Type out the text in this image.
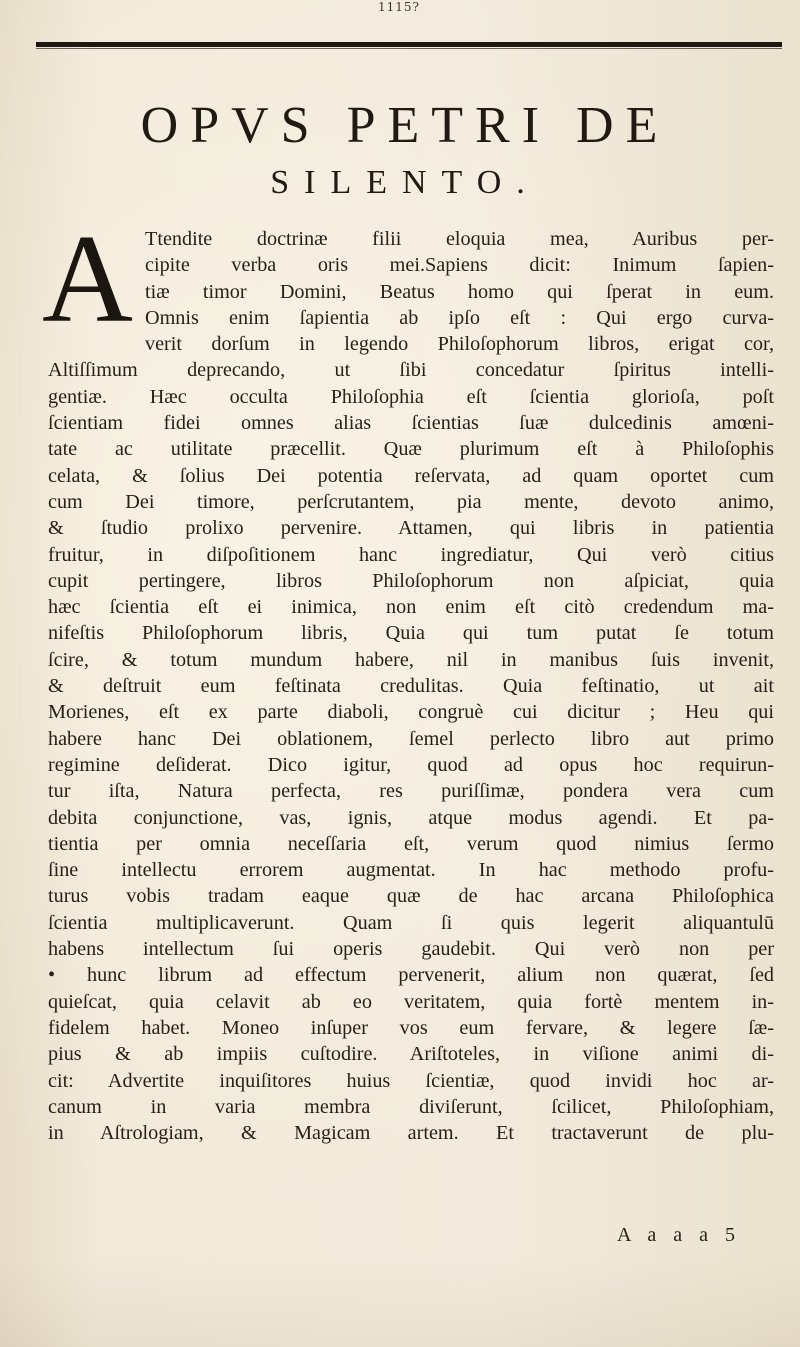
1115?
OPVS PETRI DE
SILENTO.
A Ttendite doctrinæ filii eloquia mea, Auribus per-
cipite verba oris mei.Sapiens dicit: Inimum ſapien-
tiæ timor Domini, Beatus homo qui ſperat in eum.
Omnis enim ſapientia ab ipſo eſt : Qui ergo curva-
verit dorſum in legendo Philoſophorum libros, erigat cor,
Altiſſimum deprecando, ut ſibi concedatur ſpiritus intelli-
gentiæ. Hæc occulta Philoſophia eſt ſcientia glorioſa, poſt
ſcientiam fidei omnes alias ſcientias ſuæ dulcedinis amœni-
tate ac utilitate præcellit. Quæ plurimum eſt à Philoſophis
celata, & ſolius Dei potentia reſervata, ad quam oportet cum
cum Dei timore, perſcrutantem, pia mente, devoto animo,
& ſtudio prolixo pervenire. Attamen, qui libris in patientia
fruitur, in diſpoſitionem hanc ingrediatur, Qui verò citius
cupit pertingere, libros Philoſophorum non aſpiciat, quia
hæc ſcientia eſt ei inimica, non enim eſt citò credendum ma-
nifeſtis Philoſophorum libris, Quia qui tum putat ſe totum
ſcire, & totum mundum habere, nil in manibus ſuis invenit,
& deſtruit eum feſtinata credulitas. Quia feſtinatio, ut ait
Morienes, eſt ex parte diaboli, congruè cui dicitur ; Heu qui
habere hanc Dei oblationem, ſemel perlecto libro aut primo
regimine deſiderat. Dico igitur, quod ad opus hoc requirun-
tur iſta, Natura perfecta, res puriſſimæ, pondera vera cum
debita conjunctione, vas, ignis, atque modus agendi. Et pa-
tientia per omnia neceſſaria eſt, verum quod nimius ſermo
ſine intellectu errorem augmentat. In hac methodo profu-
turus vobis tradam eaque quæ de hac arcana Philoſophica
ſcientia multiplicaverunt. Quam ſi quis legerit aliquantulū
habens intellectum ſui operis gaudebit. Qui verò non per
• hunc librum ad effectum pervenerit, alium non quærat, ſed
quieſcat, quia celavit ab eo veritatem, quia fortè mentem in-
fidelem habet. Moneo inſuper vos eum fervare, & legere ſæ-
pius & ab impiis cuſtodire. Ariſtoteles, in viſione animi di-
cit: Advertite inquiſitores huius ſcientiæ, quod invidi hoc ar-
canum in varia membra diviſerunt, ſcilicet, Philoſophiam,
in Aſtrologiam, & Magicam artem. Et tractaverunt de plu-
A a a a 5
